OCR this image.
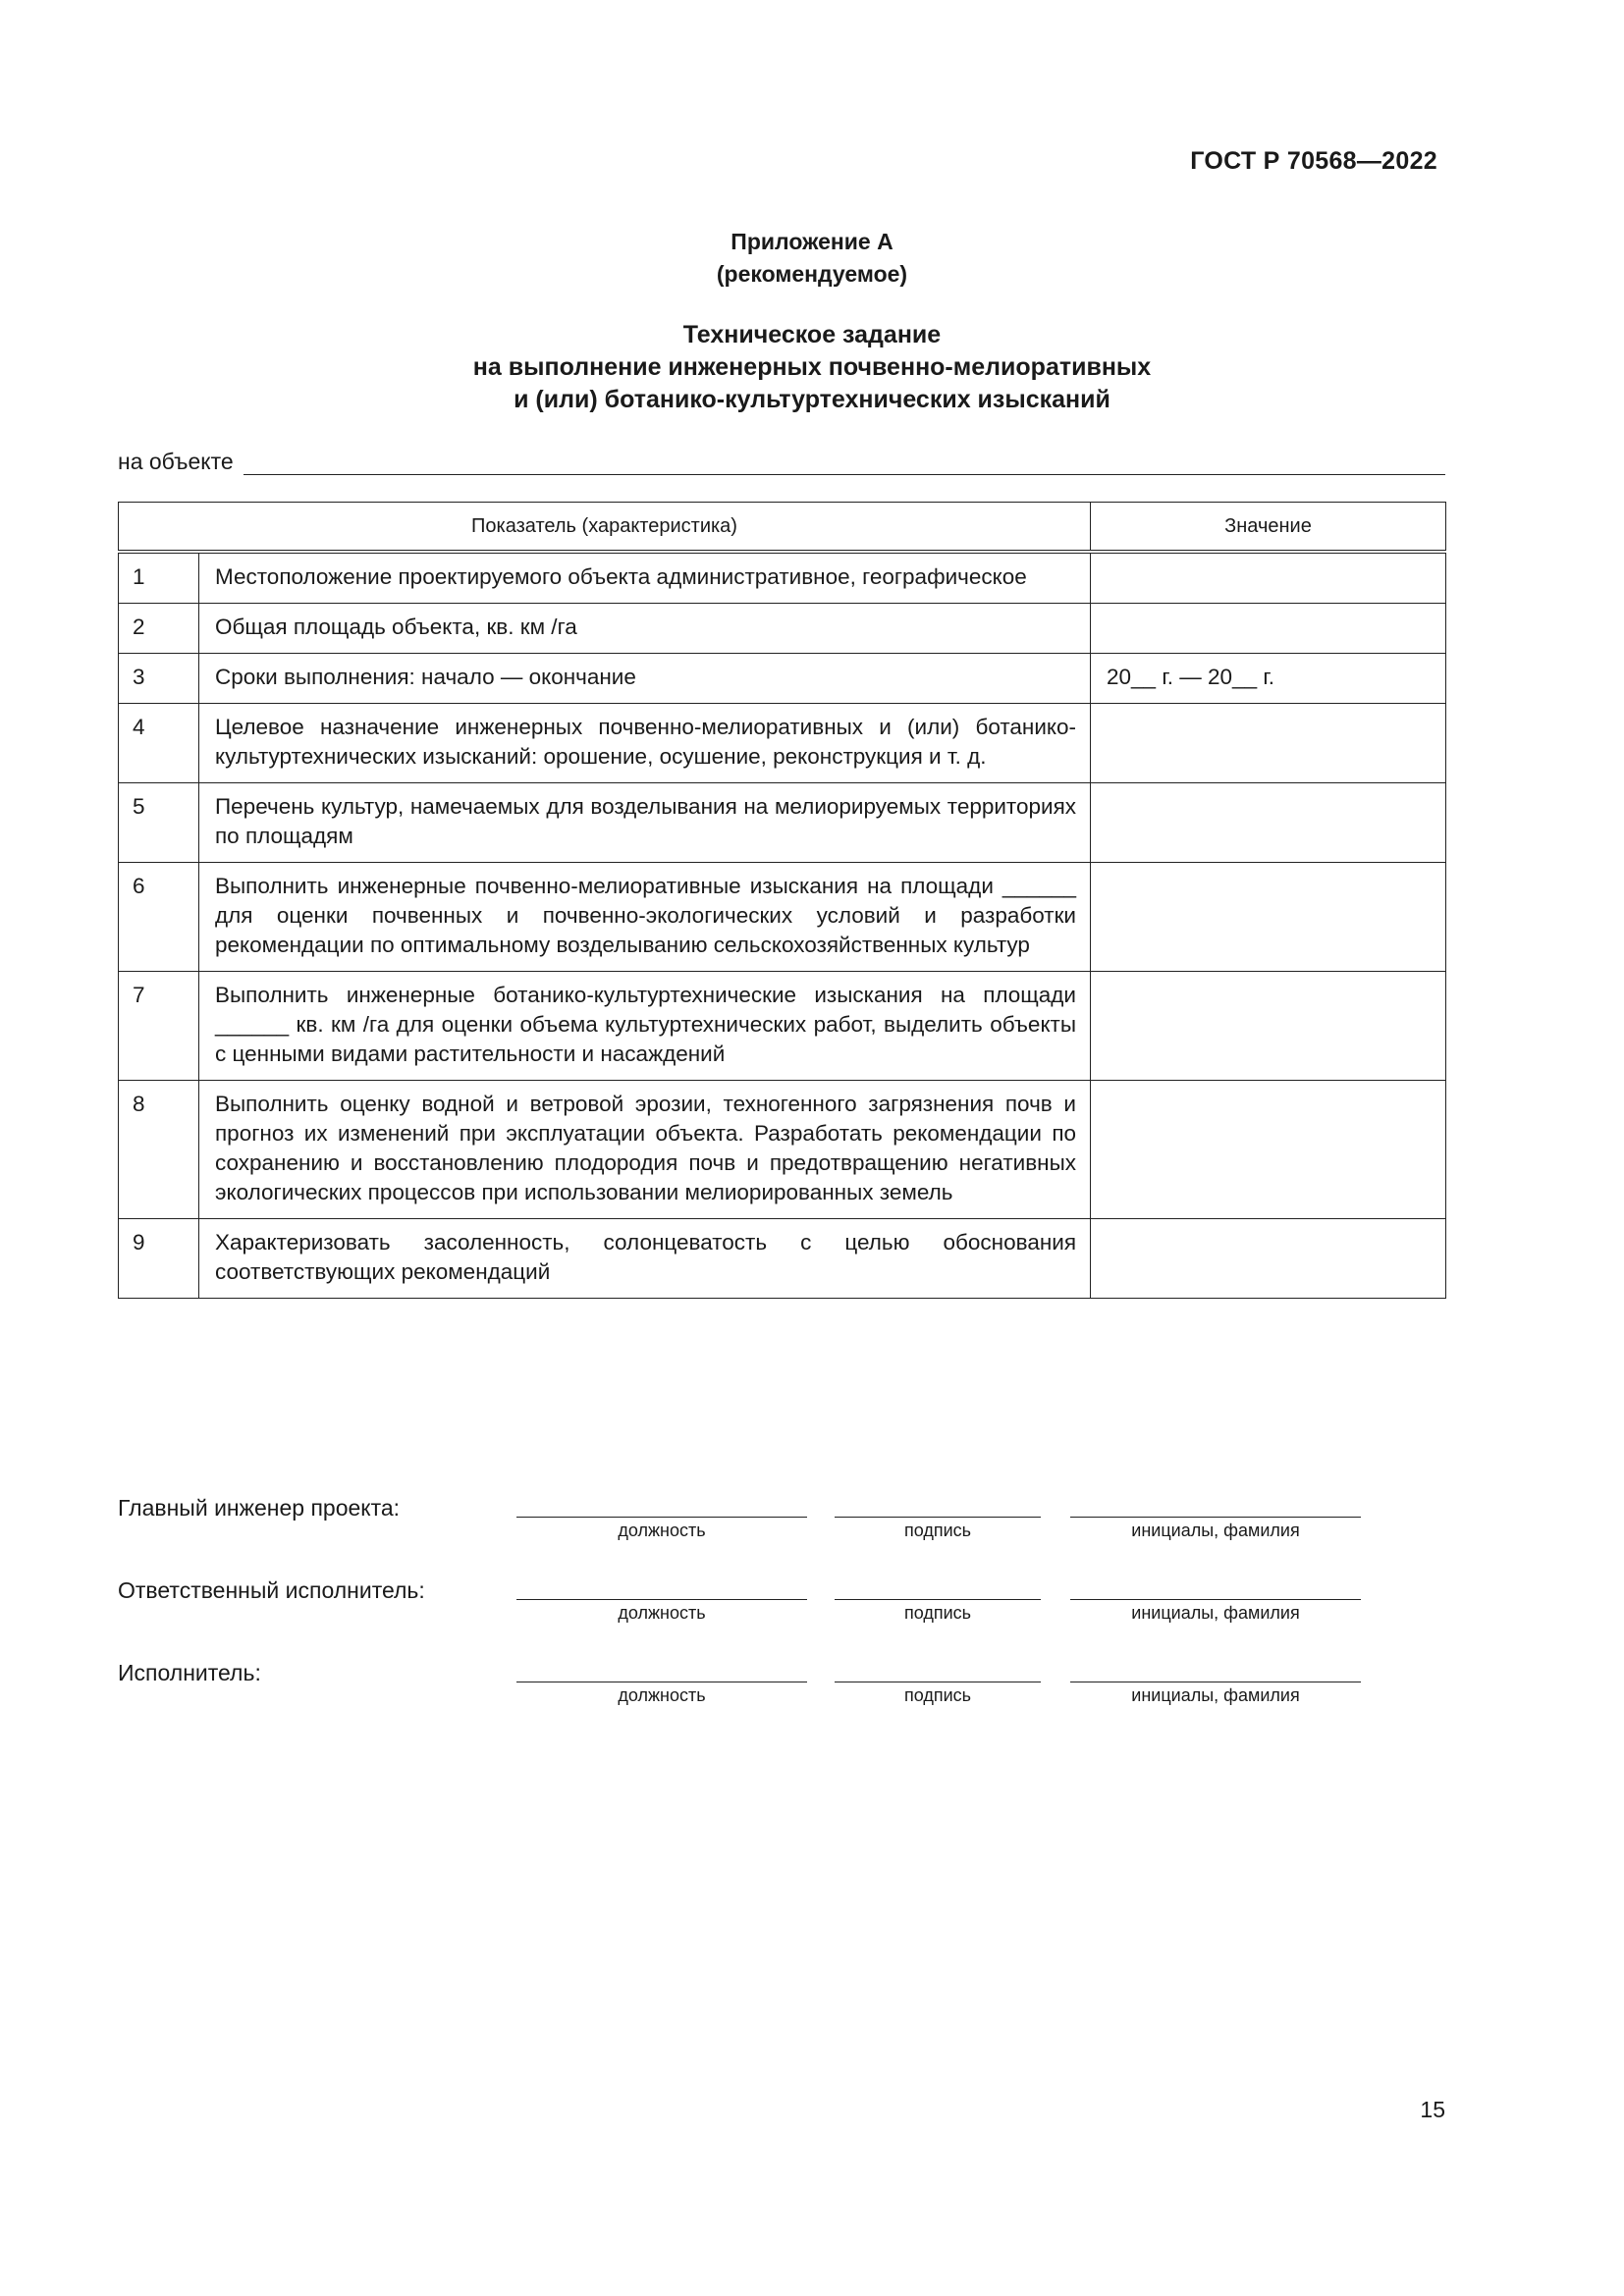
ГОСТ Р 70568—2022
Приложение А
(рекомендуемое)
Техническое задание
на выполнение инженерных почвенно-мелиоративных
и (или) ботанико-культуртехнических изысканий
на объекте
Показатель (характеристика)		Значение
1	Местоположение проектируемого объекта административное, географическое	
2	Общая площадь объекта, кв. км /га	
3	Сроки выполнения: начало — окончание	20__ г. — 20__ г.
4	Целевое назначение инженерных почвенно-мелиоративных и (или) ботанико-культуртехнических изысканий: орошение, осушение, реконструкция и т. д.	
5	Перечень культур, намечаемых для возделывания на мелиорируемых территориях по площадям	
6	Выполнить инженерные почвенно-мелиоративные изыскания на площади ______ для оценки почвенных и почвенно-экологических условий и разработки рекомендации по оптимальному возделыванию сельскохозяйственных культур	
7	Выполнить инженерные ботанико-культуртехнические изыскания на площади ______ кв. км /га для оценки объема культуртехнических работ, выделить объекты с ценными видами растительности и насаждений	
8	Выполнить оценку водной и ветровой эрозии, техногенного загрязнения почв и прогноз их изменений при эксплуатации объекта. Разработать рекомендации по сохранению и восстановлению плодородия почв и предотвращению негативных экологических процессов при использовании мелиорированных земель	
9	Характеризовать засоленность, солонцеватость с целью обоснования соответствующих рекомендаций	
Главный инженер проекта:
должность	подпись	инициалы, фамилия
Ответственный исполнитель:
должность	подпись	инициалы, фамилия
Исполнитель:
должность	подпись	инициалы, фамилия
15
